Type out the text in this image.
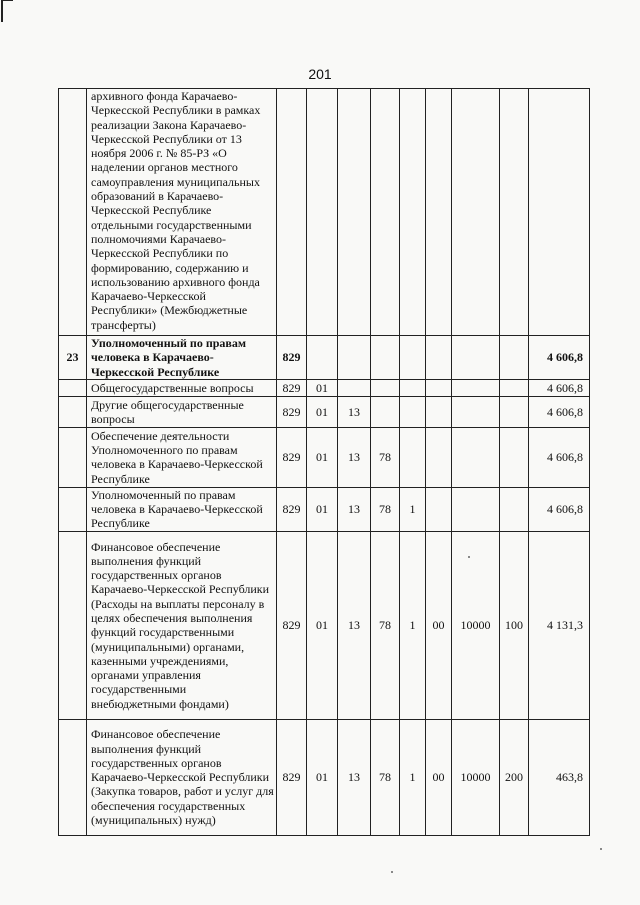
201
	архивного фонда Карачаево-Черкесской Республики в рамках реализации Закона Карачаево-Черкесской Республики от 13 ноября 2006 г. № 85-РЗ «О наделении органов местного самоуправления муниципальных образований в Карачаево-Черкесской Республике отдельными государственными полномочиями Карачаево-Черкесской Республики по формированию, содержанию и использованию архивного фонда Карачаево-Черкесской Республики» (Межбюджетные трансферты)									
23	Уполномоченный по правам человека в Карачаево-Черкесской Республике	829								4 606,8
	Общегосударственные вопросы	829	01							4 606,8
	Другие общегосударственные вопросы	829	01	13						4 606,8
	Обеспечение деятельности Уполномоченного по правам человека в Карачаево-Черкесской Республике	829	01	13	78					4 606,8
	Уполномоченный по правам человека в Карачаево-Черкесской Республике	829	01	13	78	1				4 606,8
	Финансовое обеспечение выполнения функций государственных органов Карачаево-Черкесской Республики (Расходы на выплаты персоналу в целях обеспечения выполнения функций государственными (муниципальными) органами, казенными учреждениями, органами управления государственными внебюджетными фондами)	829	01	13	78	1	00	10000	100	4 131,3
	Финансовое обеспечение выполнения функций государственных органов Карачаево-Черкесской Республики (Закупка товаров, работ и услуг для обеспечения государственных (муниципальных) нужд)	829	01	13	78	1	00	10000	200	463,8
